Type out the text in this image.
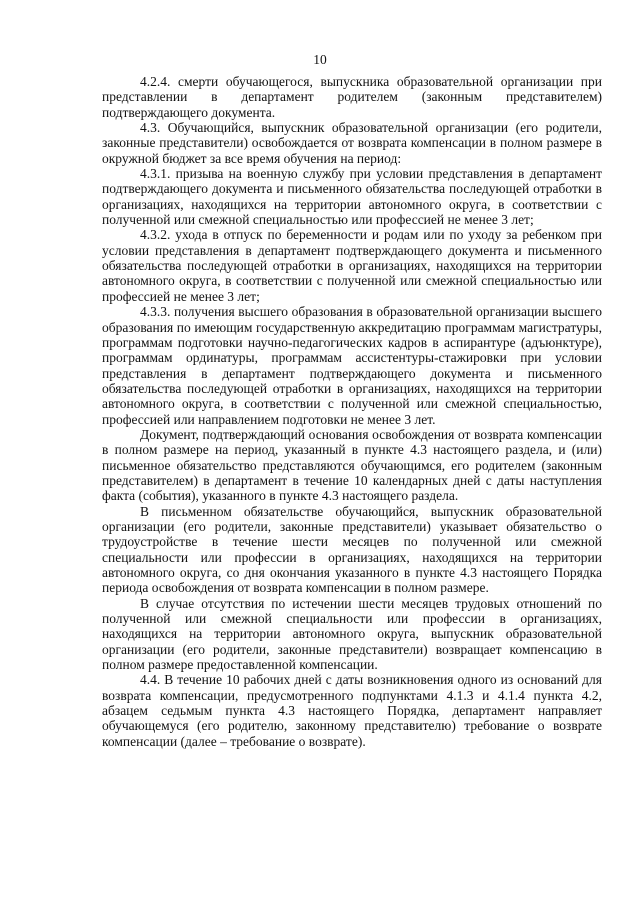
10

4.2.4. смерти обучающегося, выпускника образовательной организации при представлении в департамент родителем (законным представителем) подтверждающего документа.

4.3. Обучающийся, выпускник образовательной организации (его родители, законные представители) освобождается от возврата компенсации в полном размере в окружной бюджет за все время обучения на период:

4.3.1. призыва на военную службу при условии представления в департамент подтверждающего документа и письменного обязательства последующей отработки в организациях, находящихся на территории автономного округа, в соответствии с полученной или смежной специальностью или профессией не менее 3 лет;

4.3.2. ухода в отпуск по беременности и родам или по уходу за ребенком при условии представления в департамент подтверждающего документа и письменного обязательства последующей отработки в организациях, находящихся на территории автономного округа, в соответствии с полученной или смежной специальностью или профессией не менее 3 лет;

4.3.3. получения высшего образования в образовательной организации высшего образования по имеющим государственную аккредитацию программам магистратуры, программам подготовки научно-педагогических кадров в аспирантуре (адъюнктуре), программам ординатуры, программам ассистентуры-стажировки при условии представления в департамент подтверждающего документа и письменного обязательства последующей отработки в организациях, находящихся на территории автономного округа, в соответствии с полученной или смежной специальностью, профессией или направлением подготовки не менее 3 лет.

Документ, подтверждающий основания освобождения от возврата компенсации в полном размере на период, указанный в пункте 4.3 настоящего раздела, и (или) письменное обязательство представляются обучающимся, его родителем (законным представителем) в департамент в течение 10 календарных дней с даты наступления факта (события), указанного в пункте 4.3 настоящего раздела.

В письменном обязательстве обучающийся, выпускник образовательной организации (его родители, законные представители) указывает обязательство о трудоустройстве в течение шести месяцев по полученной или смежной специальности или профессии в организациях, находящихся на территории автономного округа, со дня окончания указанного в пункте 4.3 настоящего Порядка периода освобождения от возврата компенсации в полном размере.

В случае отсутствия по истечении шести месяцев трудовых отношений по полученной или смежной специальности или профессии в организациях, находящихся на территории автономного округа, выпускник образовательной организации (его родители, законные представители) возвращает компенсацию в полном размере предоставленной компенсации.

4.4. В течение 10 рабочих дней с даты возникновения одного из оснований для возврата компенсации, предусмотренного подпунктами 4.1.3 и 4.1.4 пункта 4.2, абзацем седьмым пункта 4.3 настоящего Порядка, департамент направляет обучающемуся (его родителю, законному представителю) требование о возврате компенсации (далее – требование о возврате).
